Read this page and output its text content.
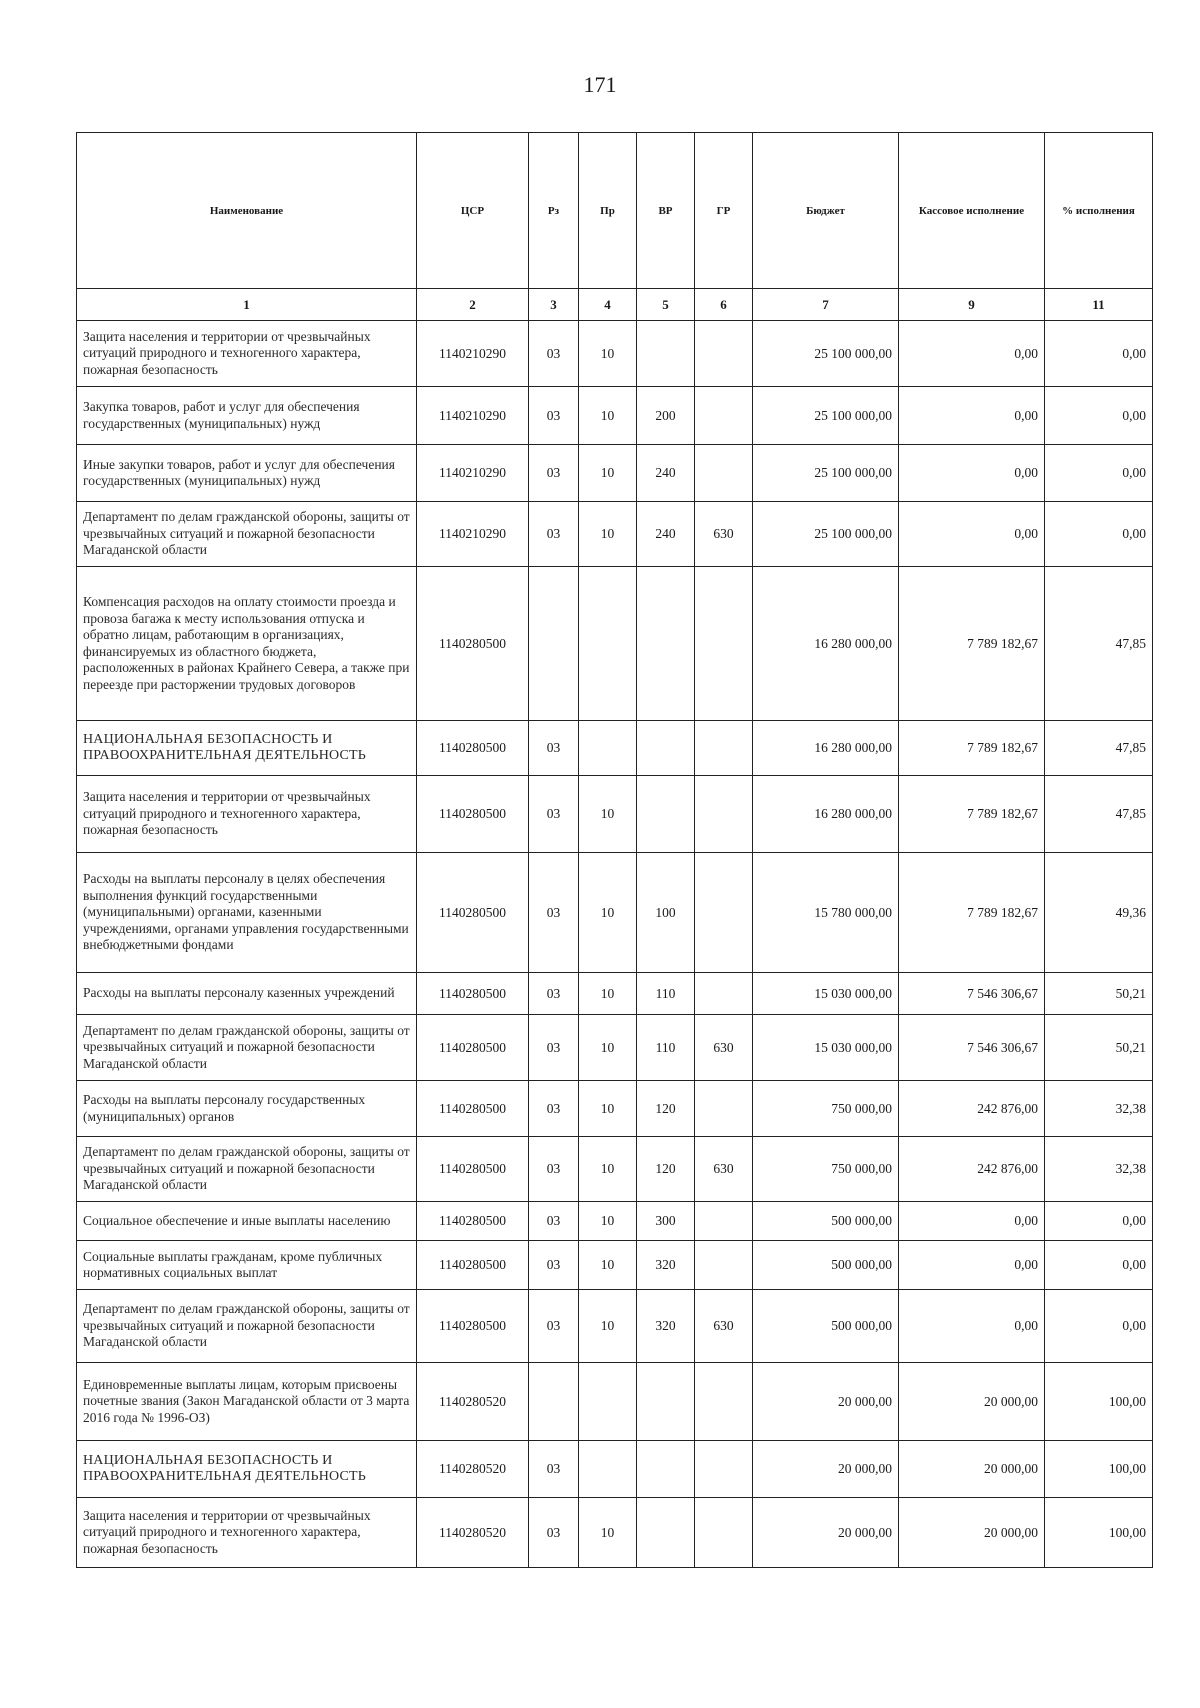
171
Наименование	ЦСР	Рз	Пр	ВР	ГР	Бюджет	Кассовое исполнение	% исполнения
1	2	3	4	5	6	7	9	11
Защита населения и территории от чрезвычайных ситуаций природного и техногенного характера, пожарная безопасность	1140210290	03	10			25 100 000,00	0,00	0,00
Закупка товаров, работ и услуг для обеспечения государственных (муниципальных) нужд	1140210290	03	10	200		25 100 000,00	0,00	0,00
Иные закупки товаров, работ и услуг для обеспечения государственных (муниципальных) нужд	1140210290	03	10	240		25 100 000,00	0,00	0,00
Департамент по делам гражданской обороны, защиты от чрезвычайных ситуаций и пожарной безопасности Магаданской области	1140210290	03	10	240	630	25 100 000,00	0,00	0,00
Компенсация расходов на оплату стоимости проезда и провоза багажа к месту использования отпуска и обратно лицам, работающим в организациях, финансируемых из областного бюджета, расположенных в районах Крайнего Севера, а также при переезде при расторжении трудовых договоров	1140280500					16 280 000,00	7 789 182,67	47,85
НАЦИОНАЛЬНАЯ БЕЗОПАСНОСТЬ И ПРАВООХРАНИТЕЛЬНАЯ ДЕЯТЕЛЬНОСТЬ	1140280500	03				16 280 000,00	7 789 182,67	47,85
Защита населения и территории от чрезвычайных ситуаций природного и техногенного характера, пожарная безопасность	1140280500	03	10			16 280 000,00	7 789 182,67	47,85
Расходы на выплаты персоналу в целях обеспечения выполнения функций государственными (муниципальными) органами, казенными учреждениями, органами управления государственными внебюджетными фондами	1140280500	03	10	100		15 780 000,00	7 789 182,67	49,36
Расходы на выплаты персоналу казенных учреждений	1140280500	03	10	110		15 030 000,00	7 546 306,67	50,21
Департамент по делам гражданской обороны, защиты от чрезвычайных ситуаций и пожарной безопасности Магаданской области	1140280500	03	10	110	630	15 030 000,00	7 546 306,67	50,21
Расходы на выплаты персоналу государственных (муниципальных) органов	1140280500	03	10	120		750 000,00	242 876,00	32,38
Департамент по делам гражданской обороны, защиты от чрезвычайных ситуаций и пожарной безопасности Магаданской области	1140280500	03	10	120	630	750 000,00	242 876,00	32,38
Социальное обеспечение и иные выплаты населению	1140280500	03	10	300		500 000,00	0,00	0,00
Социальные выплаты гражданам, кроме публичных нормативных социальных выплат	1140280500	03	10	320		500 000,00	0,00	0,00
Департамент по делам гражданской обороны, защиты от чрезвычайных ситуаций и пожарной безопасности Магаданской области	1140280500	03	10	320	630	500 000,00	0,00	0,00
Единовременные выплаты лицам, которым присвоены почетные звания (Закон Магаданской области от 3 марта 2016 года № 1996-ОЗ)	1140280520					20 000,00	20 000,00	100,00
НАЦИОНАЛЬНАЯ БЕЗОПАСНОСТЬ И ПРАВООХРАНИТЕЛЬНАЯ ДЕЯТЕЛЬНОСТЬ	1140280520	03				20 000,00	20 000,00	100,00
Защита населения и территории от чрезвычайных ситуаций природного и техногенного характера, пожарная безопасность	1140280520	03	10			20 000,00	20 000,00	100,00
